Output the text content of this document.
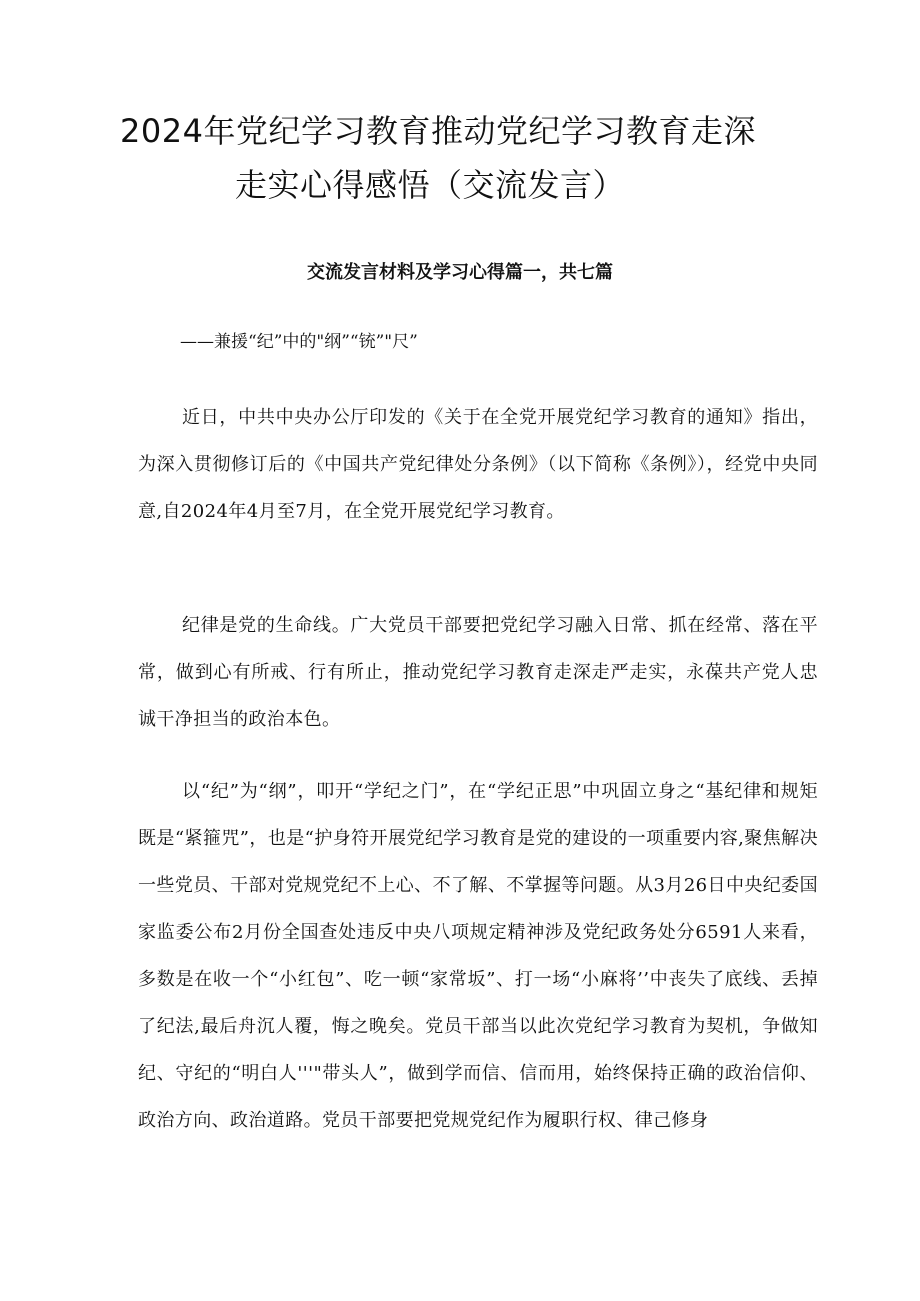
2024年党纪学习教育推动党纪学习教育走深
走实心得感悟（交流发言）

交流发言材料及学习心得篇一，共七篇

——兼援“纪”中的"纲”“铳”"尺”

近日，中共中央办公厅印发的《关于在全党开展党纪学习教育的通知》指出，为深入贯彻修订后的《中国共产党纪律处分条例》（以下简称《条例》），经党中央同意,自2024年4月至7月，在全党开展党纪学习教育。

纪律是党的生命线。广大党员干部要把党纪学习融入日常、抓在经常、落在平常，做到心有所戒、行有所止，推动党纪学习教育走深走严走实，永葆共产党人忠诚干净担当的政治本色。

以“纪”为“纲”，叩开“学纪之门”，在“学纪正思”中巩固立身之“基纪律和规矩既是“紧箍咒”，也是“护身符开展党纪学习教育是党的建设的一项重要内容,聚焦解决一些党员、干部对党规党纪不上心、不了解、不掌握等问题。从3月26日中央纪委国家监委公布2月份全国查处违反中央八项规定精神涉及党纪政务处分6591人来看，多数是在收一个“小红包”、吃一顿“家常坂”、打一场“小麻将’’中丧失了底线、丢掉了纪法,最后舟沉人覆，悔之晚矣。党员干部当以此次党纪学习教育为契机，争做知纪、守纪的“明白人'''"带头人”，做到学而信、信而用，始终保持正确的政治信仰、政治方向、政治道路。党员干部要把党规党纪作为履职行权、律己修身
